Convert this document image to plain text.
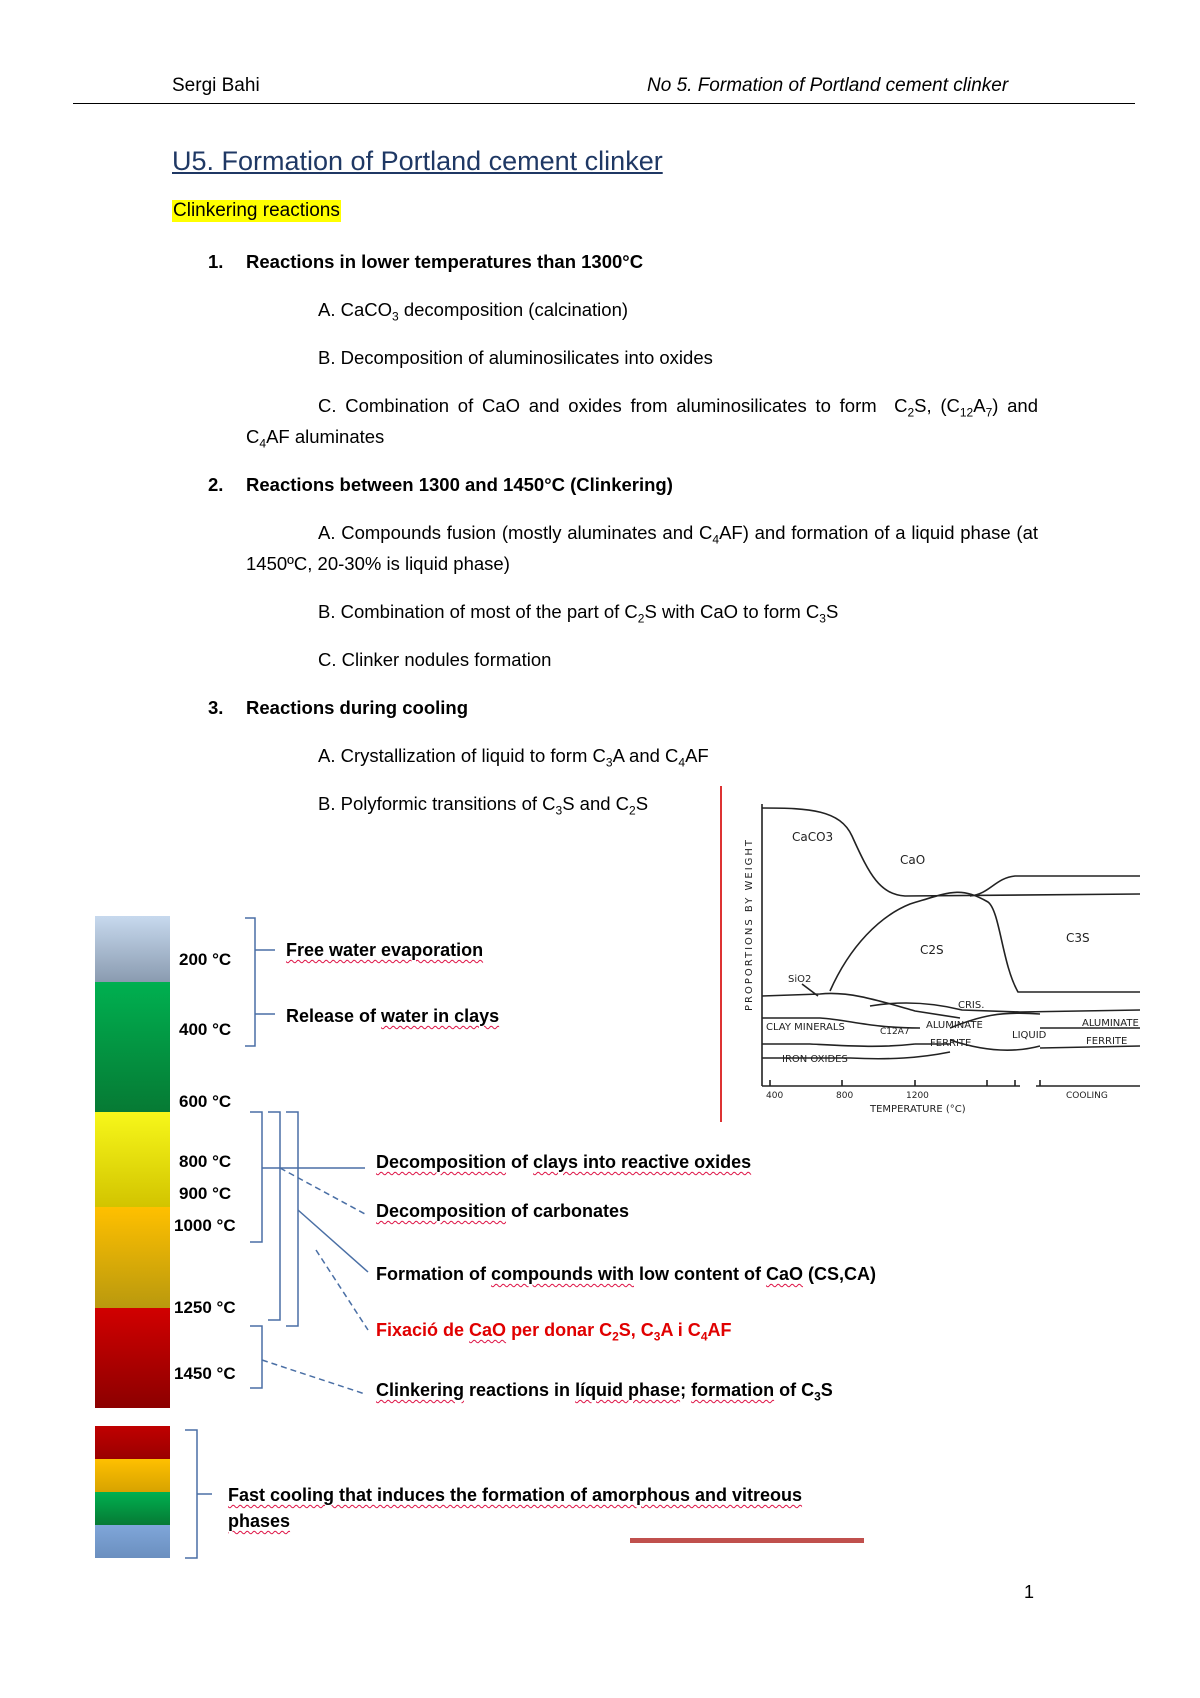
Sergi Bahi	No 5. Formation of Portland cement clinker
U5. Formation of Portland cement clinker
Clinkering reactions
1. Reactions in lower temperatures than 1300°C
A. CaCO$_3$ decomposition (calcination)
B. Decomposition of aluminosilicates into oxides
C. Combination of CaO and oxides from aluminosilicates to form  $C_2S$, $(C_{12}A_7)$ and $C_4AF$ aluminates
2. Reactions between 1300 and 1450°C (Clinkering)
A. Compounds fusion (mostly aluminates and $C_4AF$) and formation of a liquid phase (at 1450ºC, 20-30% is liquid phase)
B. Combination of most of the part of $C_2S$ with CaO to form $C_3S$
C. Clinker nodules formation
3. Reactions during cooling
A. Crystallization of liquid to form $C_3A$ and $C_4AF$
B. Polyformic transitions of $C_3S$ and $C_2S$
PROPORTIONS BY WEIGHT
CaCO3
CaO
C2S
C3S
SiO2
CRIS.
CLAY MINERALS	C12A7
ALUMINATE
FERRITE
LIQUID
ALUMINATE
FERRITE
IRON OXIDES
400	800	1200	COOLING
TEMPERATURE (°C)
200 °C
400 °C
600 °C
800 °C
900 °C
1000 °C
1250 °C
1450 °C
Free water evaporation
Release of water in clays
Decomposition of clays into reactive oxides
Decomposition of carbonates
Formation of compounds with low content of CaO (CS,CA)
Fixació de CaO per donar $C_2S$, $C_3A$ i $C_4AF$
Clinkering reactions in líquid phase; formation of $C_3S$
Fast cooling that induces the formation of amorphous and vitreous
phases
1
